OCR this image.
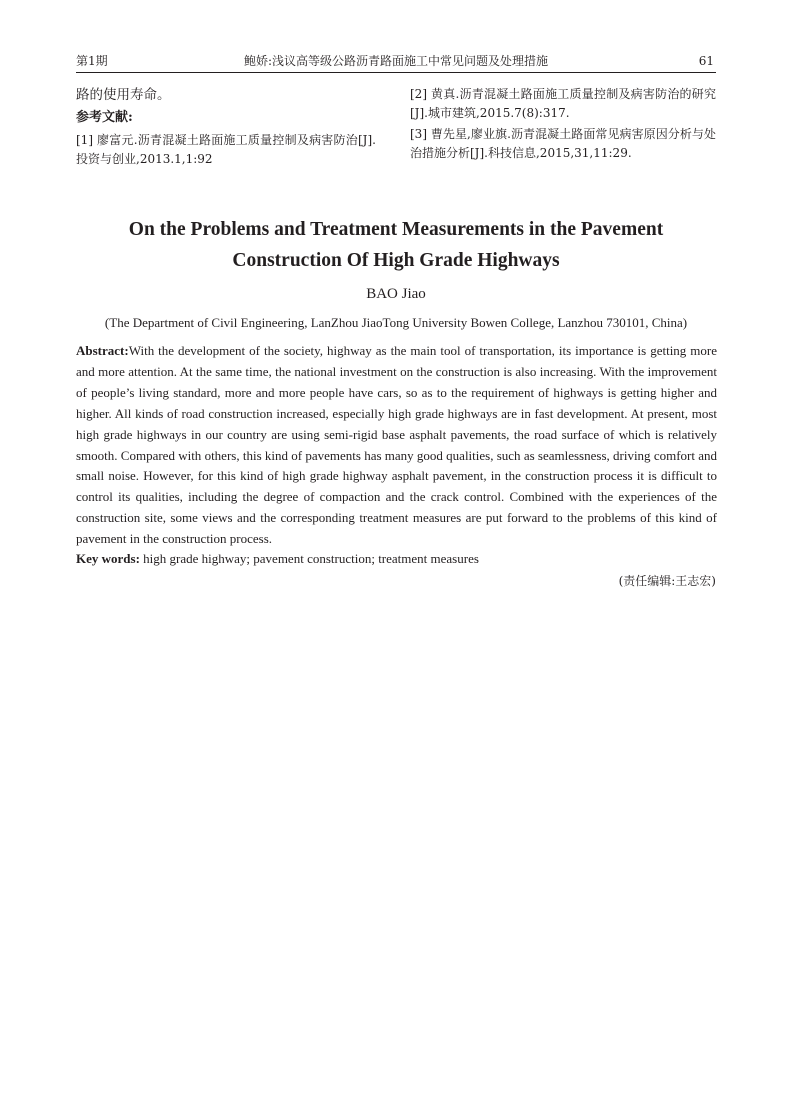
第1期	鲍娇:浅议高等级公路沥青路面施工中常见问题及处理措施	61
路的使用寿命。
参考文献:
[1] 廖富元.沥青混凝土路面施工质量控制及病害防治[J].投资与创业,2013.1,1:92
[2] 黄真.沥青混凝土路面施工质量控制及病害防治的研究[J].城市建筑,2015.7(8):317.
[3] 曹先星,廖业旗.沥青混凝土路面常见病害原因分析与处治措施分析[J].科技信息,2015,31,11:29.
On the Problems and Treatment Measurements in the Pavement
Construction Of High Grade Highways
BAO Jiao
(The Department of Civil Engineering, LanZhou JiaoTong University Bowen College, Lanzhou 730101, China)
Abstract:With the development of the society, highway as the main tool of transportation, its importance is getting more and more attention. At the same time, the national investment on the construction is also increasing. With the improvement of people’s living standard, more and more people have cars, so as to the requirement of highways is getting higher and higher. All kinds of road construction increased, especially high grade highways are in fast development. At present, most high grade highways in our country are using semi-rigid base asphalt pavements, the road surface of which is relatively smooth. Compared with others, this kind of pavements has many good qualities, such as seamlessness, driving comfort and small noise. However, for this kind of high grade highway asphalt pavement, in the construction process it is difficult to control its qualities, including the degree of compaction and the crack control. Combined with the experiences of the construction site, some views and the corresponding treatment measures are put forward to the problems of this kind of pavement in the construction process.
Key words: high grade highway; pavement construction; treatment measures
(责任编辑:王志宏)
